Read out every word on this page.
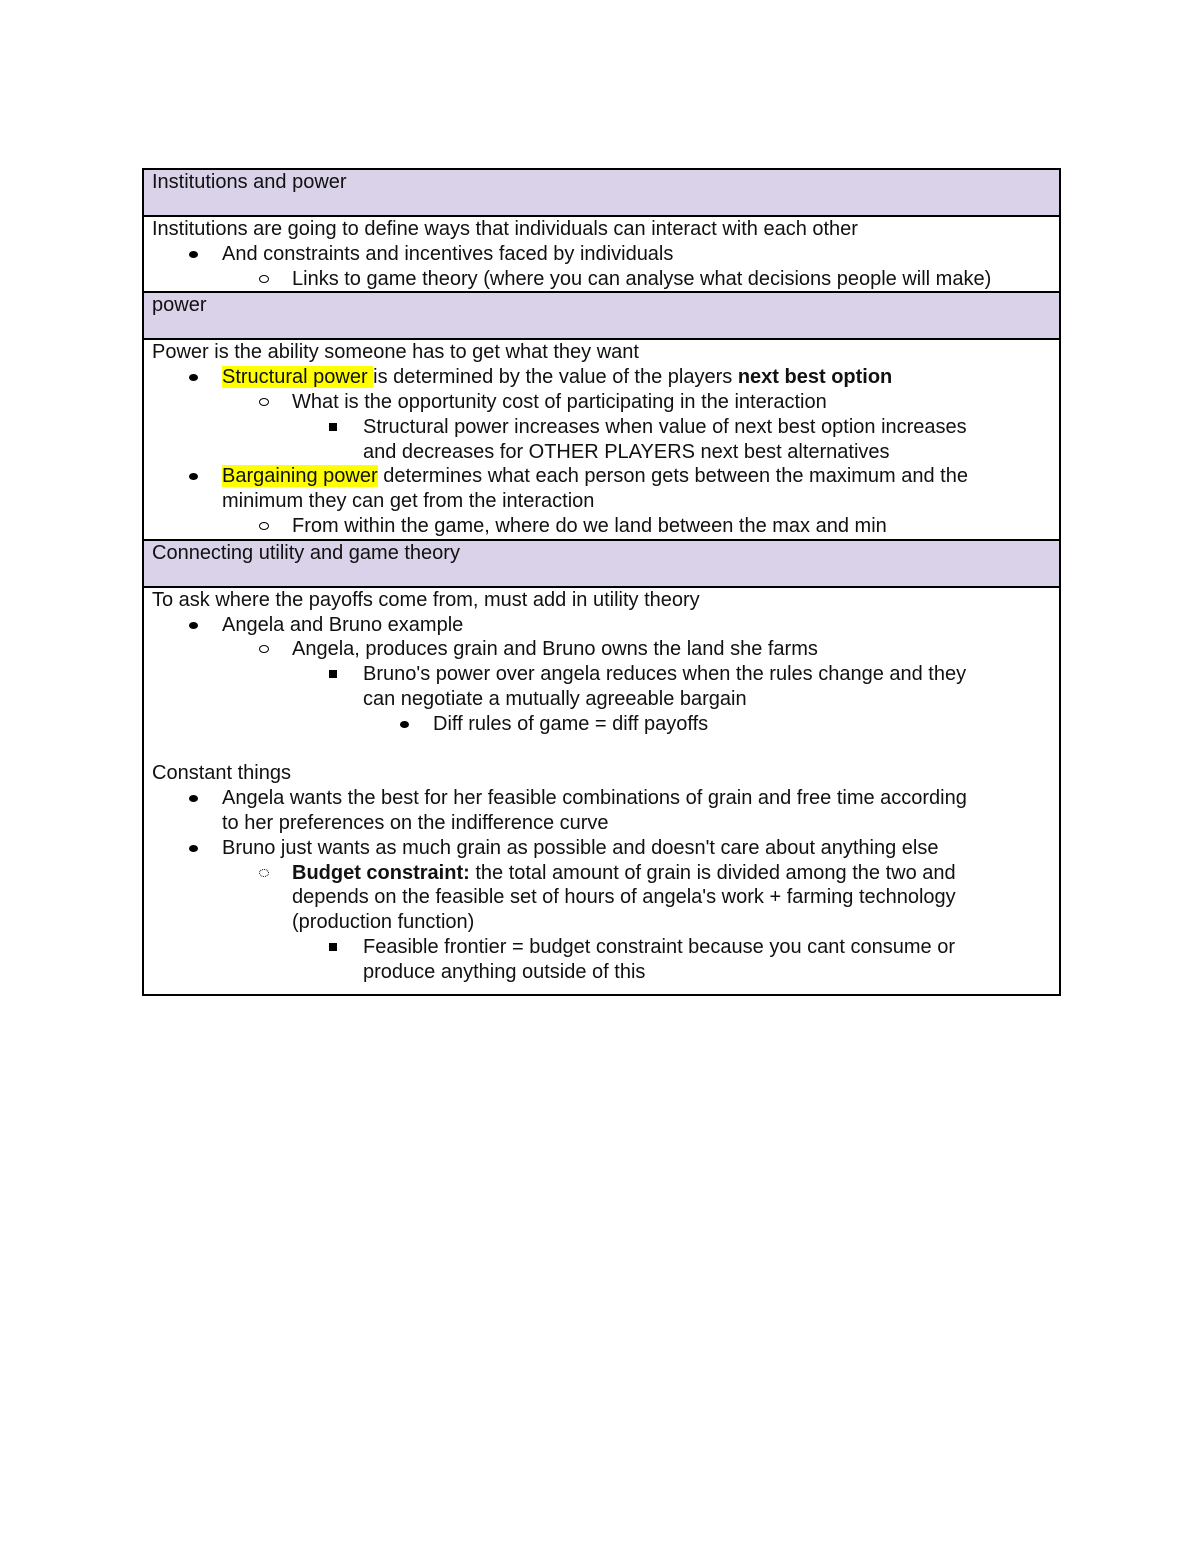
Institutions and power

Institutions are going to define ways that individuals can interact with each other
And constraints and incentives faced by individuals
Links to game theory (where you can analyse what decisions people will make)

power

Power is the ability someone has to get what they want
Structural power is determined by the value of the players next best option
What is the opportunity cost of participating in the interaction
Structural power increases when value of next best option increases
and decreases for OTHER PLAYERS next best alternatives
Bargaining power determines what each person gets between the maximum and the
minimum they can get from the interaction
From within the game, where do we land between the max and min

Connecting utility and game theory

To ask where the payoffs come from, must add in utility theory
Angela and Bruno example
Angela, produces grain and Bruno owns the land she farms
Bruno's power over angela reduces when the rules change and they
can negotiate a mutually agreeable bargain
Diff rules of game = diff payoffs
Constant things
Angela wants the best for her feasible combinations of grain and free time according
to her preferences on the indifference curve
Bruno just wants as much grain as possible and doesn't care about anything else
Budget constraint: the total amount of grain is divided among the two and
depends on the feasible set of hours of angela's work + farming technology
(production function)
Feasible frontier = budget constraint because you cant consume or
produce anything outside of this
